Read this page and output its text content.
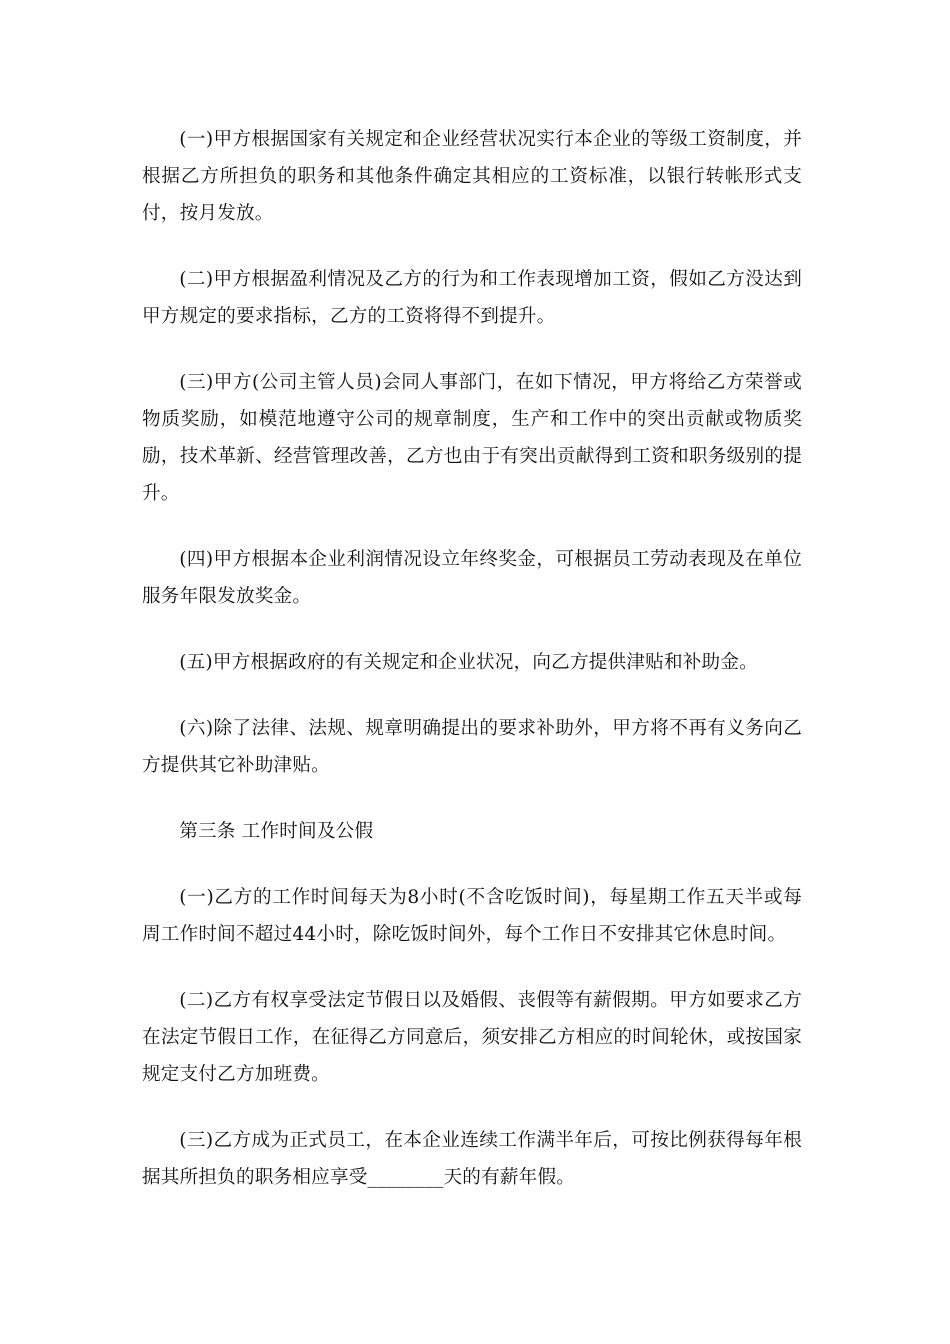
(一)甲方根据国家有关规定和企业经营状况实行本企业的等级工资制度，并根据乙方所担负的职务和其他条件确定其相应的工资标准，以银行转帐形式支付，按月发放。

(二)甲方根据盈利情况及乙方的行为和工作表现增加工资，假如乙方没达到甲方规定的要求指标，乙方的工资将得不到提升。

(三)甲方(公司主管人员)会同人事部门，在如下情况，甲方将给乙方荣誉或物质奖励，如模范地遵守公司的规章制度，生产和工作中的突出贡献或物质奖励，技术革新、经营管理改善，乙方也由于有突出贡献得到工资和职务级别的提升。

(四)甲方根据本企业利润情况设立年终奖金，可根据员工劳动表现及在单位服务年限发放奖金。

(五)甲方根据政府的有关规定和企业状况，向乙方提供津贴和补助金。

(六)除了法律、法规、规章明确提出的要求补助外，甲方将不再有义务向乙方提供其它补助津贴。

第三条 工作时间及公假

(一)乙方的工作时间每天为8小时(不含吃饭时间)，每星期工作五天半或每周工作时间不超过44小时，除吃饭时间外，每个工作日不安排其它休息时间。

(二)乙方有权享受法定节假日以及婚假、丧假等有薪假期。甲方如要求乙方在法定节假日工作，在征得乙方同意后，须安排乙方相应的时间轮休，或按国家规定支付乙方加班费。

(三)乙方成为正式员工，在本企业连续工作满半年后，可按比例获得每年根据其所担负的职务相应享受________天的有薪年假。
